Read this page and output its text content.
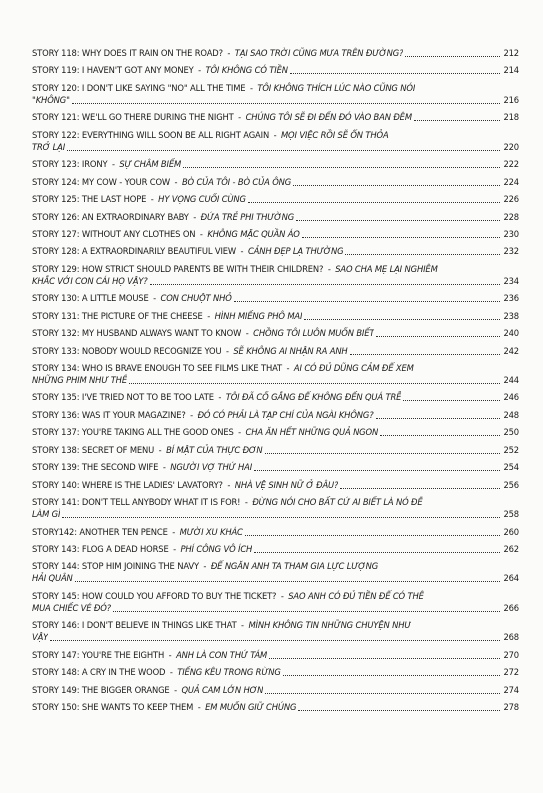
STORY 118: WHY DOES IT RAIN ON THE ROAD? - TẠI SAO TRỜI CŨNG MƯA TRÊN ĐƯỜNG?	212
STORY 119: I HAVEN'T GOT ANY MONEY - TÔI KHÔNG CÓ TIỀN	214
STORY 120: I DON'T LIKE SAYING "NO" ALL THE TIME - TÔI KHÔNG THÍCH LÚC NÀO CŨNG NÓI
"KHÔNG"	216
STORY 121: WE'LL GO THERE DURING THE NIGHT - CHÚNG TÔI SẼ ĐI ĐẾN ĐÓ VÀO BAN ĐÊM	218
STORY 122: EVERYTHING WILL SOON BE ALL RIGHT AGAIN - MỌI VIỆC RỒI SẼ ỔN THỎA
TRỞ LẠI	220
STORY 123: IRONY - SỰ CHÂM BIẾM	222
STORY 124: MY COW - YOUR COW - BÒ CỦA TÔI - BÒ CỦA ÔNG	224
STORY 125: THE LAST HOPE - HY VỌNG CUỐI CÙNG	226
STORY 126: AN EXTRAORDINARY BABY - ĐỨA TRẺ PHI THƯỜNG	228
STORY 127: WITHOUT ANY CLOTHES ON - KHÔNG MẶC QUẦN ÁO	230
STORY 128: A EXTRAORDINARILY BEAUTIFUL VIEW - CẢNH ĐẸP LẠ THƯỜNG	232
STORY 129: HOW STRICT SHOULD PARENTS BE WITH THEIR CHILDREN? - SAO CHA MẸ LẠI NGHIÊM
KHẮC VỚI CON CÁI HỌ VẬY?	234
STORY 130: A LITTLE MOUSE - CON CHUỘT NHỎ	236
STORY 131: THE PICTURE OF THE CHEESE - HÌNH MIẾNG PHÔ MAI	238
STORY 132: MY HUSBAND ALWAYS WANT TO KNOW - CHỒNG TÔI LUÔN MUỐN BIẾT	240
STORY 133: NOBODY WOULD RECOGNIZE YOU - SẼ KHÔNG AI NHẬN RA ANH	242
STORY 134: WHO IS BRAVE ENOUGH TO SEE FILMS LIKE THAT - AI CÓ ĐỦ DŨNG CẢM ĐỂ XEM
NHỮNG PHIM NHƯ THẾ	244
STORY 135: I'VE TRIED NOT TO BE TOO LATE - TÔI ĐÃ CỐ GẮNG ĐỂ KHÔNG ĐẾN QUÁ TRỄ	246
STORY 136: WAS IT YOUR MAGAZINE? - ĐÓ CÓ PHẢI LÀ TẠP CHÍ CỦA NGÀI KHÔNG?	248
STORY 137: YOU'RE TAKING ALL THE GOOD ONES - CHA ĂN HẾT NHỮNG QUẢ NGON	250
STORY 138: SECRET OF MENU - BÍ MẬT CỦA THỰC ĐƠN	252
STORY 139: THE SECOND WIFE - NGƯỜI VỢ THỨ HAI	254
STORY 140: WHERE IS THE LADIES' LAVATORY? - NHÀ VỆ SINH NỮ Ở ĐÂU?	256
STORY 141: DON'T TELL ANYBODY WHAT IT IS FOR! - ĐỪNG NÓI CHO BẤT CỨ AI BIẾT LÀ NÓ ĐỂ
LÀM GÌ	258
STORY142: ANOTHER TEN PENCE - MƯỜI XU KHÁC	260
STORY 143: FLOG A DEAD HORSE - PHÍ CÔNG VÔ ÍCH	262
STORY 144: STOP HIM JOINING THE NAVY - ĐỂ NGĂN ANH TA THAM GIA LỰC LƯỢNG
HẢI QUÂN	264
STORY 145: HOW COULD YOU AFFORD TO BUY THE TICKET? - SAO ANH CÓ ĐỦ TIỀN ĐỂ CÓ THỂ
MUA CHIẾC VÉ ĐÓ?	266
STORY 146: I DON'T BELIEVE IN THINGS LIKE THAT - MÌNH KHÔNG TIN NHỮNG CHUYỆN NHƯ
VẬY	268
STORY 147: YOU'RE THE EIGHTH - ANH LÀ CON THỨ TÁM	270
STORY 148: A CRY IN THE WOOD - TIẾNG KÊU TRONG RỪNG	272
STORY 149: THE BIGGER ORANGE - QUẢ CAM LỚN HƠN	274
STORY 150: SHE WANTS TO KEEP THEM - EM MUỐN GIỮ CHÚNG	278
